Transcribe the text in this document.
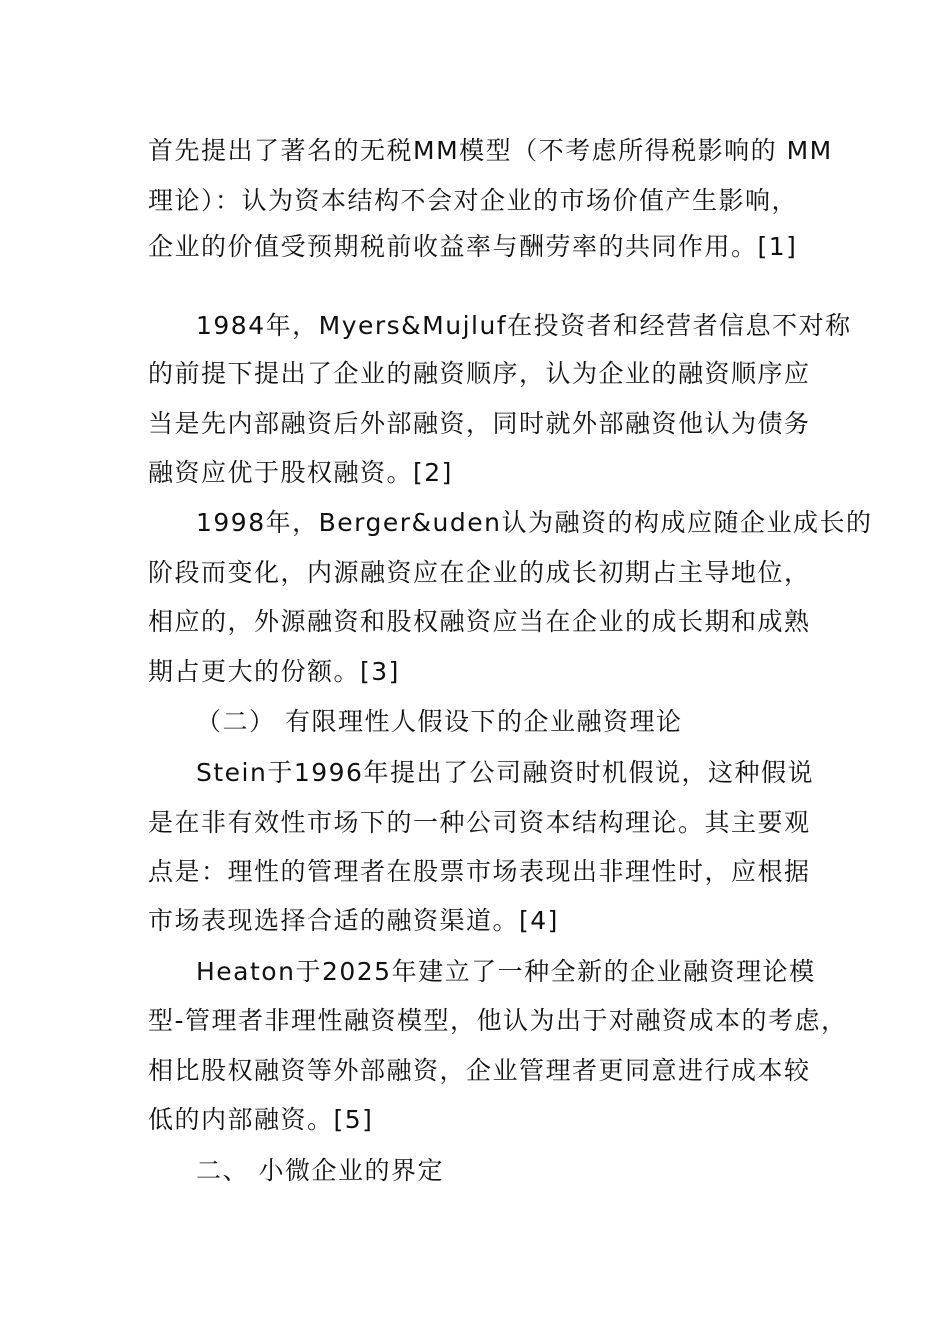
首先提出了著名的无税MM模型（不考虑所得税影响的 MM
理论）：认为资本结构不会对企业的市场价值产生影响，
企业的价值受预期税前收益率与酬劳率的共同作用。[1]
1984年，Myers&Mujluf在投资者和经营者信息不对称
的前提下提出了企业的融资顺序，认为企业的融资顺序应
当是先内部融资后外部融资，同时就外部融资他认为债务
融资应优于股权融资。[2]
1998年，Berger&uden认为融资的构成应随企业成长的
阶段而变化，内源融资应在企业的成长初期占主导地位，
相应的，外源融资和股权融资应当在企业的成长期和成熟
期占更大的份额。[3]
（二） 有限理性人假设下的企业融资理论
Stein于1996年提出了公司融资时机假说，这种假说
是在非有效性市场下的一种公司资本结构理论。其主要观
点是：理性的管理者在股票市场表现出非理性时，应根据
市场表现选择合适的融资渠道。[4]
Heaton于2025年建立了一种全新的企业融资理论模
型-管理者非理性融资模型，他认为出于对融资成本的考虑，
相比股权融资等外部融资，企业管理者更同意进行成本较
低的内部融资。[5]
二、 小微企业的界定
